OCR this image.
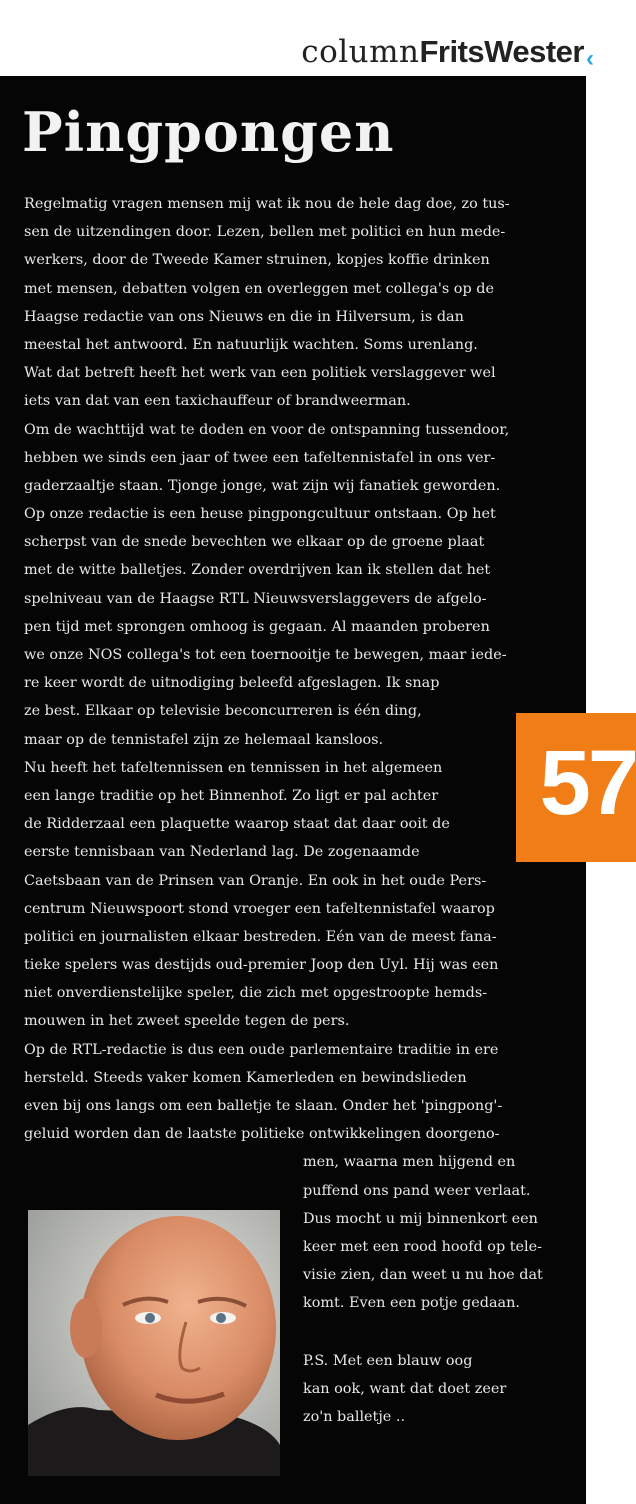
columnFritsWester ‹
Pingpongen
Regelmatig vragen mensen mij wat ik nou de hele dag doe, zo tus-
sen de uitzendingen door. Lezen, bellen met politici en hun mede-
werkers, door de Tweede Kamer struinen, kopjes koffie drinken
met mensen, debatten volgen en overleggen met collega's op de
Haagse redactie van ons Nieuws en die in Hilversum, is dan
meestal het antwoord. En natuurlijk wachten. Soms urenlang.
Wat dat betreft heeft het werk van een politiek verslaggever wel
iets van dat van een taxichauffeur of brandweerman.
Om de wachttijd wat te doden en voor de ontspanning tussendoor,
hebben we sinds een jaar of twee een tafeltennistafel in ons ver-
gaderzaaltje staan. Tjonge jonge, wat zijn wij fanatiek geworden.
Op onze redactie is een heuse pingpongcultuur ontstaan. Op het
scherpst van de snede bevechten we elkaar op de groene plaat
met de witte balletjes. Zonder overdrijven kan ik stellen dat het
spelniveau van de Haagse RTL Nieuwsverslaggevers de afgelo-
pen tijd met sprongen omhoog is gegaan. Al maanden proberen
we onze NOS collega's tot een toernooitje te bewegen, maar iede-
re keer wordt de uitnodiging beleefd afgeslagen. Ik snap
ze best. Elkaar op televisie beconcurreren is één ding,
maar op de tennistafel zijn ze helemaal kansloos.
Nu heeft het tafeltennissen en tennissen in het algemeen
een lange traditie op het Binnenhof. Zo ligt er pal achter
de Ridderzaal een plaquette waarop staat dat daar ooit de
eerste tennisbaan van Nederland lag. De zogenaamde
Caetsbaan van de Prinsen van Oranje. En ook in het oude Pers-
centrum Nieuwspoort stond vroeger een tafeltennistafel waarop
politici en journalisten elkaar bestreden. Eén van de meest fana-
tieke spelers was destijds oud-premier Joop den Uyl. Hij was een
niet onverdienstelijke speler, die zich met opgestroopte hemds-
mouwen in het zweet speelde tegen de pers.
Op de RTL-redactie is dus een oude parlementaire traditie in ere
hersteld. Steeds vaker komen Kamerleden en bewindslieden
even bij ons langs om een balletje te slaan. Onder het 'pingpong'-
geluid worden dan de laatste politieke ontwikkelingen doorgeno-
men, waarna men hijgend en
puffend ons pand weer verlaat.
Dus mocht u mij binnenkort een
keer met een rood hoofd op tele-
visie zien, dan weet u nu hoe dat
komt. Even een potje gedaan.
P.S. Met een blauw oog
kan ook, want dat doet zeer
zo'n balletje ..
57
